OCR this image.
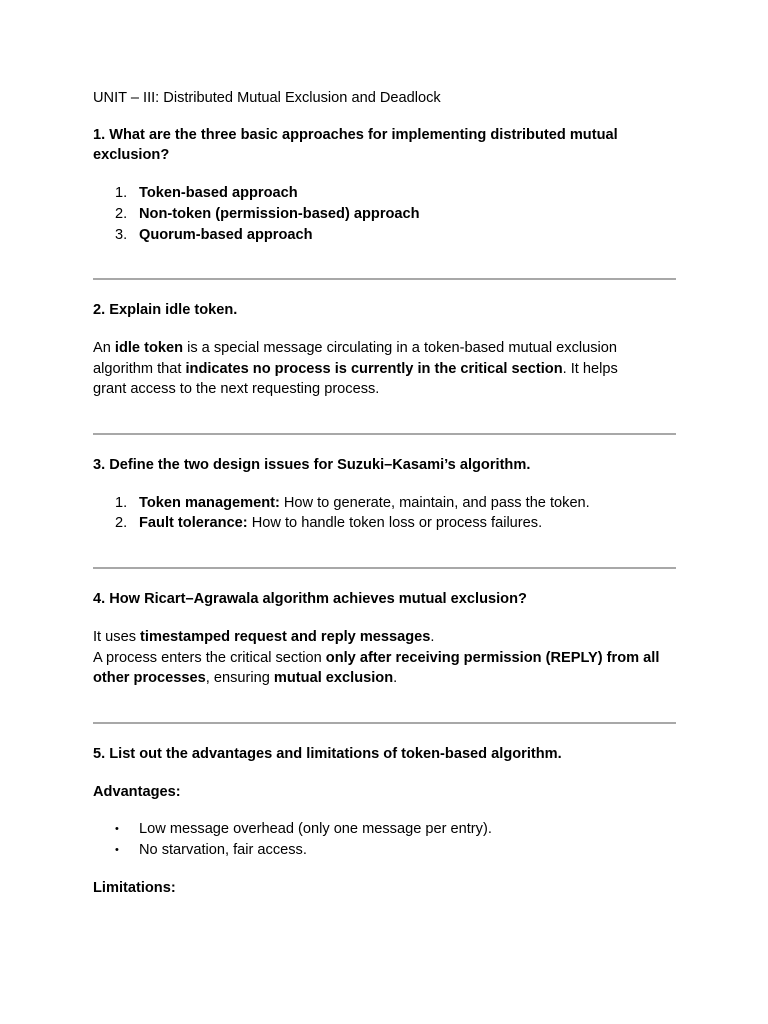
UNIT – III: Distributed Mutual Exclusion and Deadlock

1. What are the three basic approaches for implementing distributed mutual exclusion?

1. Token-based approach
2. Non-token (permission-based) approach
3. Quorum-based approach

2. Explain idle token.

An idle token is a special message circulating in a token-based mutual exclusion algorithm that indicates no process is currently in the critical section. It helps grant access to the next requesting process.

3. Define the two design issues for Suzuki–Kasami’s algorithm.

1. Token management: How to generate, maintain, and pass the token.
2. Fault tolerance: How to handle token loss or process failures.

4. How Ricart–Agrawala algorithm achieves mutual exclusion?

It uses timestamped request and reply messages.

A process enters the critical section only after receiving permission (REPLY) from all other processes, ensuring mutual exclusion.

5. List out the advantages and limitations of token-based algorithm.

Advantages:

• Low message overhead (only one message per entry).
• No starvation, fair access.

Limitations:
